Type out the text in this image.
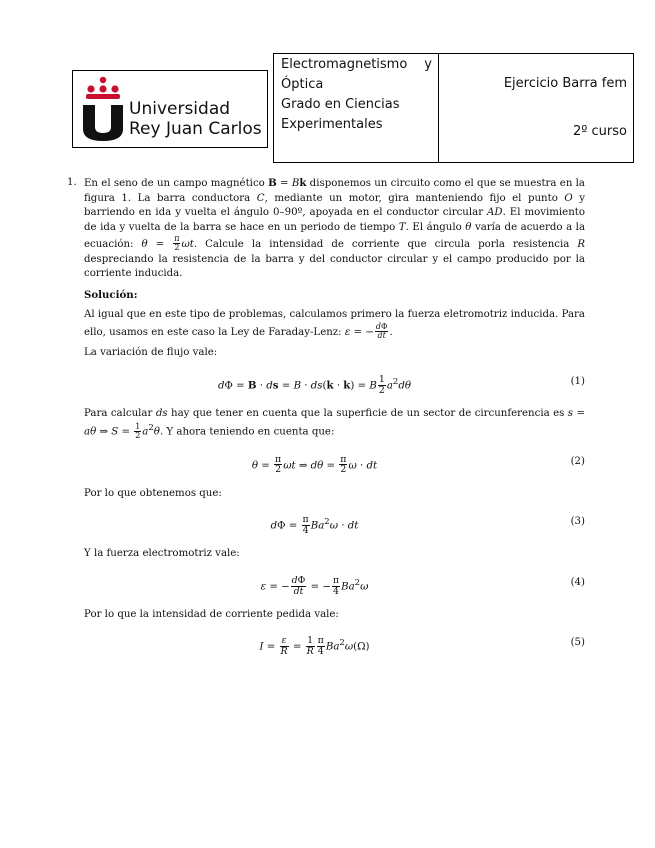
Universidad
Rey Juan Carlos
Electromagnetismo y
Óptica
Grado en Ciencias
Experimentales
Ejercicio Barra fem
2º curso
1. En el seno de un campo magnético B = Bk disponemos un circuito como el que se muestra en la figura 1. La barra conductora C, mediante un motor, gira manteniendo fijo el punto O y barriendo en ida y vuelta el ángulo 0–90º, apoyada en el conductor circular AD. El movimiento de ida y vuelta de la barra se hace en un periodo de tiempo T. El ángulo θ varía de acuerdo a la ecuación: $\theta = \frac{\pi}{2} \omega t$. Calcule la intensidad de corriente que circula porla resistencia R despreciando la resistencia de la barra y del conductor circular y el campo producido por la corriente inducida.

Solución:

Al igual que en este tipo de problemas, calculamos primero la fuerza eletromotriz inducida. Para ello, usamos en este caso la Ley de Faraday-Lenz: ε = − $\frac{d\Phi}{dt}$ .

La variación de flujo vale:

dΦ = B · ds = B · ds(k · k) = B $\frac{1}{2} a^2d\theta$	(1)

Para calcular ds hay que tener en cuenta que la superficie de un sector de circunferencia es s = aθ ⇒ $S = \frac{1}{2} a^2\theta$. Y ahora teniendo en cuenta que:

$\theta = \frac{\pi}{2}$ ωt ⇒ $d\theta = \frac{\pi}{2}$ ω · dt	(2)

Por lo que obtenemos que:

$d\Phi = \frac{\pi}{4} Ba^2\omega$ · dt	(3)

Y la fuerza electromotriz vale:

ε = − $\frac{d\Phi}{dt}$ = − $\frac{\pi}{4} Ba^2\omega$	(4)

Por lo que la intensidad de corriente pedida vale:

$I = \frac{\varepsilon}{R} = \frac{1}{R} \frac{\pi}{4} Ba^2\omega(\Omega)$	(5)
